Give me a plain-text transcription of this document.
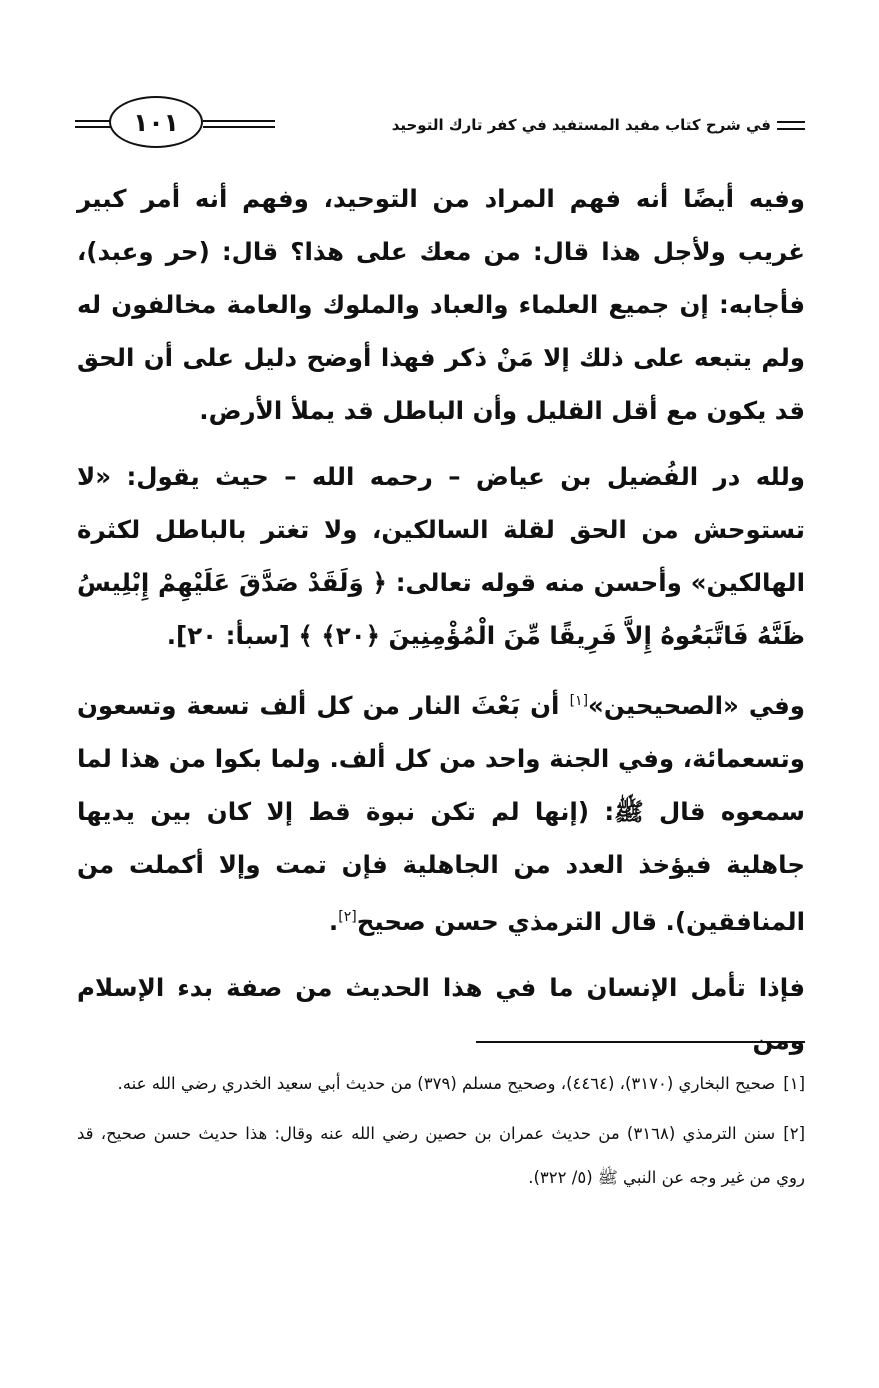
في شرح كتاب مفيد المستفيد في كفر تارك التوحيد
١٠١

وفيه أيضًا أنه فهم المراد من التوحيد، وفهم أنه أمر كبير غريب ولأجل هذا قال: من معك على هذا؟ قال: (حر وعبد)، فأجابه: إن جميع العلماء والعباد والملوك والعامة مخالفون له ولم يتبعه على ذلك إلا مَنْ ذكر فهذا أوضح دليل على أن الحق قد يكون مع أقل القليل وأن الباطل قد يملأ الأرض.

ولله در الفُضيل بن عياض – رحمه الله – حيث يقول: «لا تستوحش من الحق لقلة السالكين، ولا تغتر بالباطل لكثرة الهالكين» وأحسن منه قوله تعالى: ﴿ وَلَقَدْ صَدَّقَ عَلَيْهِمْ إِبْلِيسُ ظَنَّهُ فَاتَّبَعُوهُ إِلاَّ فَرِيقًا مِّنَ الْمُؤْمِنِينَ ﴿٢٠﴾ ﴾ [سبأ: ٢٠].

وفي «الصحيحين»[١] أن بَعْثَ النار من كل ألف تسعة وتسعون وتسعمائة، وفي الجنة واحد من كل ألف. ولما بكوا من هذا لما سمعوه قال ﷺ: (إنها لم تكن نبوة قط إلا كان بين يديها جاهلية فيؤخذ العدد من الجاهلية فإن تمت وإلا أكملت من المنافقين). قال الترمذي حسن صحيح[٢].

فإذا تأمل الإنسان ما في هذا الحديث من صفة بدء الإسلام ومن

[١]صحيح البخاري (٣١٧٠)، (٤٤٦٤)، وصحيح مسلم (٣٧٩) من حديث أبي سعيد الخدري رضي الله عنه.

[٢]سنن الترمذي (٣١٦٨) من حديث عمران بن حصين رضي الله عنه وقال: هذا حديث حسن صحيح، قد روي من غير وجه عن النبي ﷺ (٥/ ٣٢٢).
